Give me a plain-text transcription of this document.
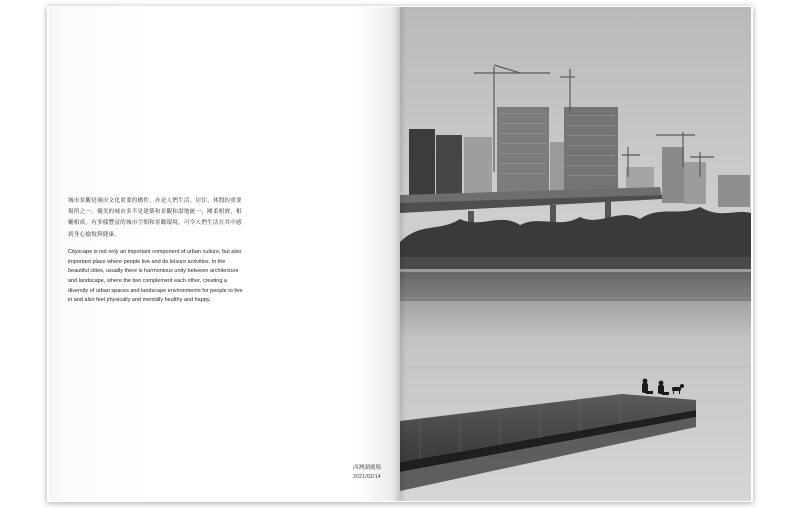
城市景觀是城市文化重要的構件，亦是人們生活、居住、休閒的重要場所之一。優美的城市多半是建築和景觀和諧地統一，剛柔相濟，相輔相成，有多樣豐富的城市空間和景觀環境，可令人們生活在其中感到身心愉悅與健康。

Cityscape is not only an important component of urban culture, but also important place where people live and do leisure activities. In the beautiful cities, usually there is harmonious unity between architecture and landscape, where the two complement each other, creating a diversity of urban spaces and landscape environments for people to live in and also feel physically and mentally healthy and happy.

西灣湖廣場
2021/02/14
